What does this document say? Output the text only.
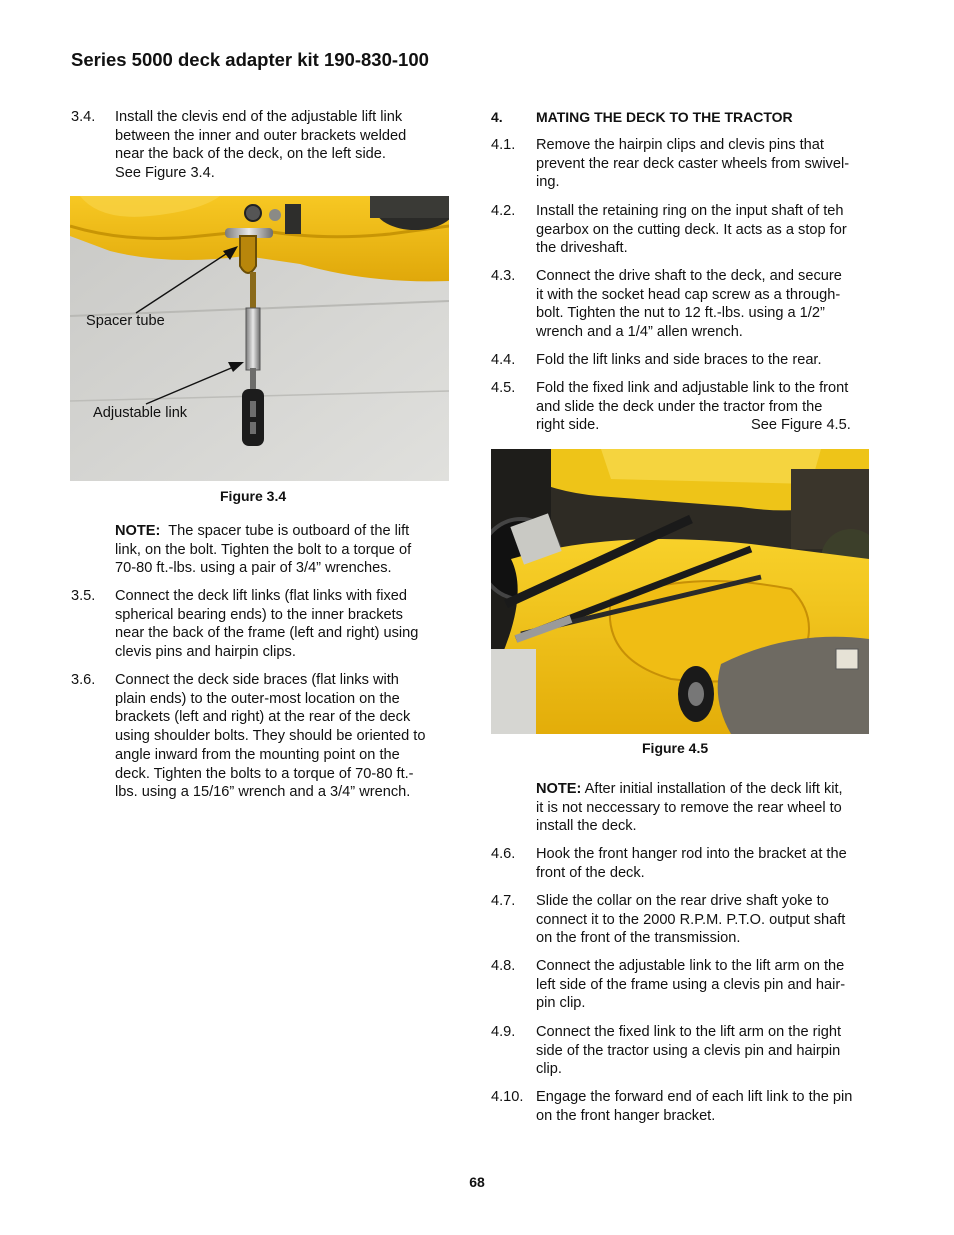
Series 5000 deck adapter kit 190-830-100
3.4. Install the clevis end of the adjustable lift link
between the inner and outer brackets welded
near the back of the deck, on the left side.
See Figure 3.4.
Spacer tube
Adjustable link
Figure 3.4
NOTE: The spacer tube is outboard of the lift
link, on the bolt. Tighten the bolt to a torque of
70-80 ft.-lbs. using a pair of 3/4” wrenches.
3.5. Connect the deck lift links (flat links with fixed
spherical bearing ends) to the inner brackets
near the back of the frame (left and right) using
clevis pins and hairpin clips.
3.6. Connect the deck side braces (flat links with
plain ends) to the outer-most location on the
brackets (left and right) at the rear of the deck
using shoulder bolts. They should be oriented to
angle inward from the mounting point on the
deck. Tighten the bolts to a torque of 70-80 ft.-
lbs. using a 15/16” wrench and a 3/4” wrench.
4. MATING THE DECK TO THE TRACTOR
4.1. Remove the hairpin clips and clevis pins that
prevent the rear deck caster wheels from swivel-
ing.
4.2. Install the retaining ring on the input shaft of teh
gearbox on the cutting deck. It acts as a stop for
the driveshaft.
4.3. Connect the drive shaft to the deck, and secure
it with the socket head cap screw as a through-
bolt. Tighten the nut to 12 ft.-lbs. using a 1/2”
wrench and a 1/4” allen wrench.
4.4. Fold the lift links and side braces to the rear.
4.5. Fold the fixed link and adjustable link to the front
and slide the deck under the tractor from the
right side.	See Figure 4.5.
Figure 4.5
NOTE: After initial installation of the deck lift kit,
it is not neccessary to remove the rear wheel to
install the deck.
4.6. Hook the front hanger rod into the bracket at the
front of the deck.
4.7. Slide the collar on the rear drive shaft yoke to
connect it to the 2000 R.P.M. P.T.O. output shaft
on the front of the transmission.
4.8. Connect the adjustable link to the lift arm on the
left side of the frame using a clevis pin and hair-
pin clip.
4.9. Connect the fixed link to the lift arm on the right
side of the tractor using a clevis pin and hairpin
clip.
4.10. Engage the forward end of each lift link to the pin
on the front hanger bracket.
68
